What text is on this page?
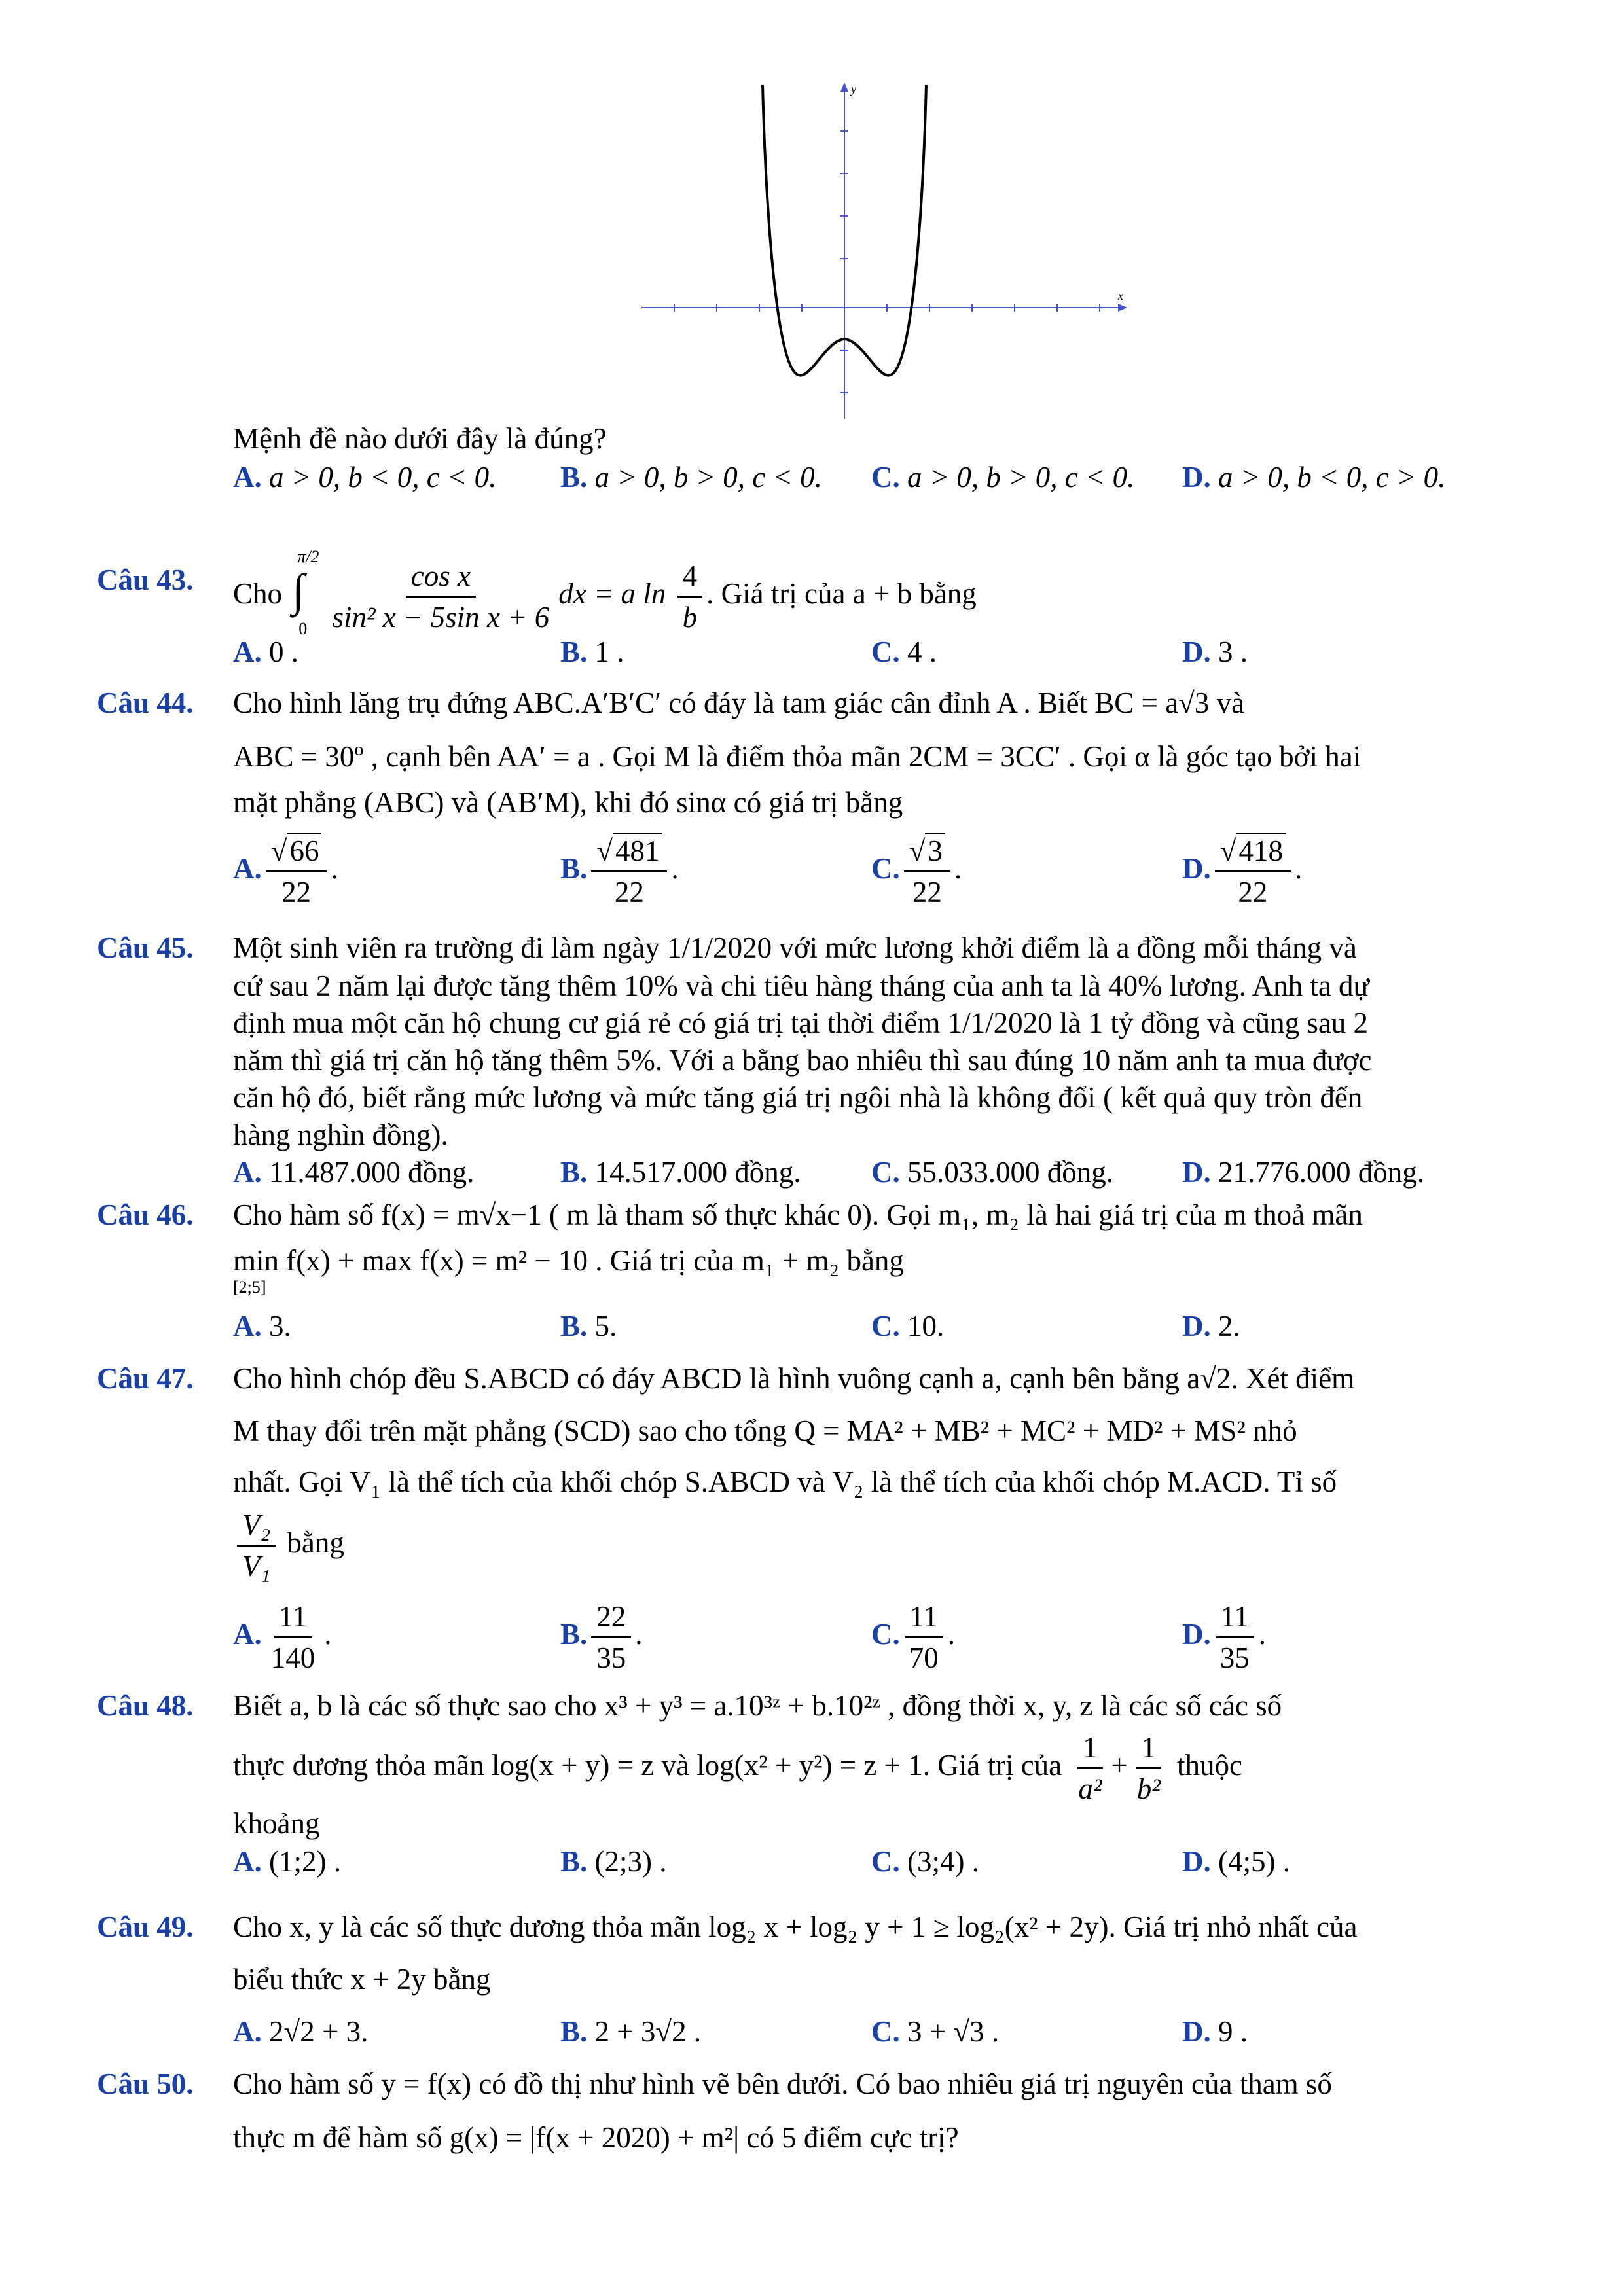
x
y
Mệnh đề nào dưới đây là đúng?
A. a > 0, b < 0, c < 0. B. a > 0, b > 0, c < 0. C. a > 0, b > 0, c < 0. D. a > 0, b < 0, c > 0.
Câu 43. Cho
π/2
∫
0
$\frac{\text{cos x}}{\text{sin² x − 5sin x + 6}}$ dx = a $\ln \frac{4}{b}$ . Giá trị của a + b bằng
A. 0 .	B. 1 .	C. 4 .	D. 3 .
Câu 44. Cho hình lăng trụ đứng ABC.A′B′C′ có đáy là tam giác cân đỉnh A . Biết BC = a√3 và
ABC = 30º , cạnh bên AA′ = a . Gọi M là điểm thỏa mãn 2CM = 3CC′ . Gọi α là góc tạo bởi hai
mặt phẳng (ABC) và (AB′M), khi đó sinα có giá trị bằng
A. $\frac{√66}{22}$ .	B. $\frac{√481}{22}$ .	C. $\frac{√3}{22}$ .	D. $\frac{√418}{22}$ .
Câu 45. Một sinh viên ra trường đi làm ngày 1/1/2020 với mức lương khởi điểm là a đồng mỗi tháng và
cứ sau 2 năm lại được tăng thêm 10% và chi tiêu hàng tháng của anh ta là 40% lương. Anh ta dự
định mua một căn hộ chung cư giá rẻ có giá trị tại thời điểm 1/1/2020 là 1 tỷ đồng và cũng sau 2
năm thì giá trị căn hộ tăng thêm 5%. Với a bằng bao nhiêu thì sau đúng 10 năm anh ta mua được
căn hộ đó, biết rằng mức lương và mức tăng giá trị ngôi nhà là không đổi ( kết quả quy tròn đến
hàng nghìn đồng).
A. 11.487.000 đồng.	B. 14.517.000 đồng. C. 55.033.000 đồng. D. 21.776.000 đồng.
Câu 46. Cho hàm số f(x) = m√x−1 ( m là tham số thực khác 0). Gọi m₁, m₂ là hai giá trị của m thoả mãn
min f(x) + max f(x) = m² − 10 . Giá trị của m₁ + m₂ bằng
[2;5]
A. 3.	B. 5.	C. 10.	D. 2.
Câu 47. Cho hình chóp đều S.ABCD có đáy ABCD là hình vuông cạnh a, cạnh bên bằng a√2. Xét điểm
M thay đổi trên mặt phẳng (SCD) sao cho tổng Q = MA² + MB² + MC² + MD² + MS² nhỏ
nhất. Gọi V₁ là thể tích của khối chóp S.ABCD và V₂ là thể tích của khối chóp M.ACD. Tỉ số
$\frac{\text{V₂}}{\text{V₁}}$ bằng
A. $\frac{11}{140}$ .	B. $\frac{22}{35}$ .	C. $\frac{11}{70}$ .	D. $\frac{11}{35}$ .
Câu 48. Biết a, b là các số thực sao cho x³ + y³ = a.10³ᶻ + b.10²ᶻ , đồng thời x, y, z là các số các số
thực dương thỏa mãn log(x + y) = z và log(x² + y²) = z + 1. Giá trị của $\frac{1}{\text{a²}} + \frac{1}{\text{b²}}$ thuộc
khoảng
A. (1;2) .	B. (2;3) .	C. (3;4) .	D. (4;5) .
Câu 49. Cho x, y là các số thực dương thỏa mãn log₂ x + log₂ y + 1 ≥ log₂(x² + 2y). Giá trị nhỏ nhất của
biểu thức x + 2y bằng
A. 2√2 + 3.	B. 2 + 3√2 .	C. 3 + √3 .	D. 9 .
Câu 50. Cho hàm số y = f(x) có đồ thị như hình vẽ bên dưới. Có bao nhiêu giá trị nguyên của tham số
thực m để hàm số g(x) = |f(x + 2020) + m²| có 5 điểm cực trị?
